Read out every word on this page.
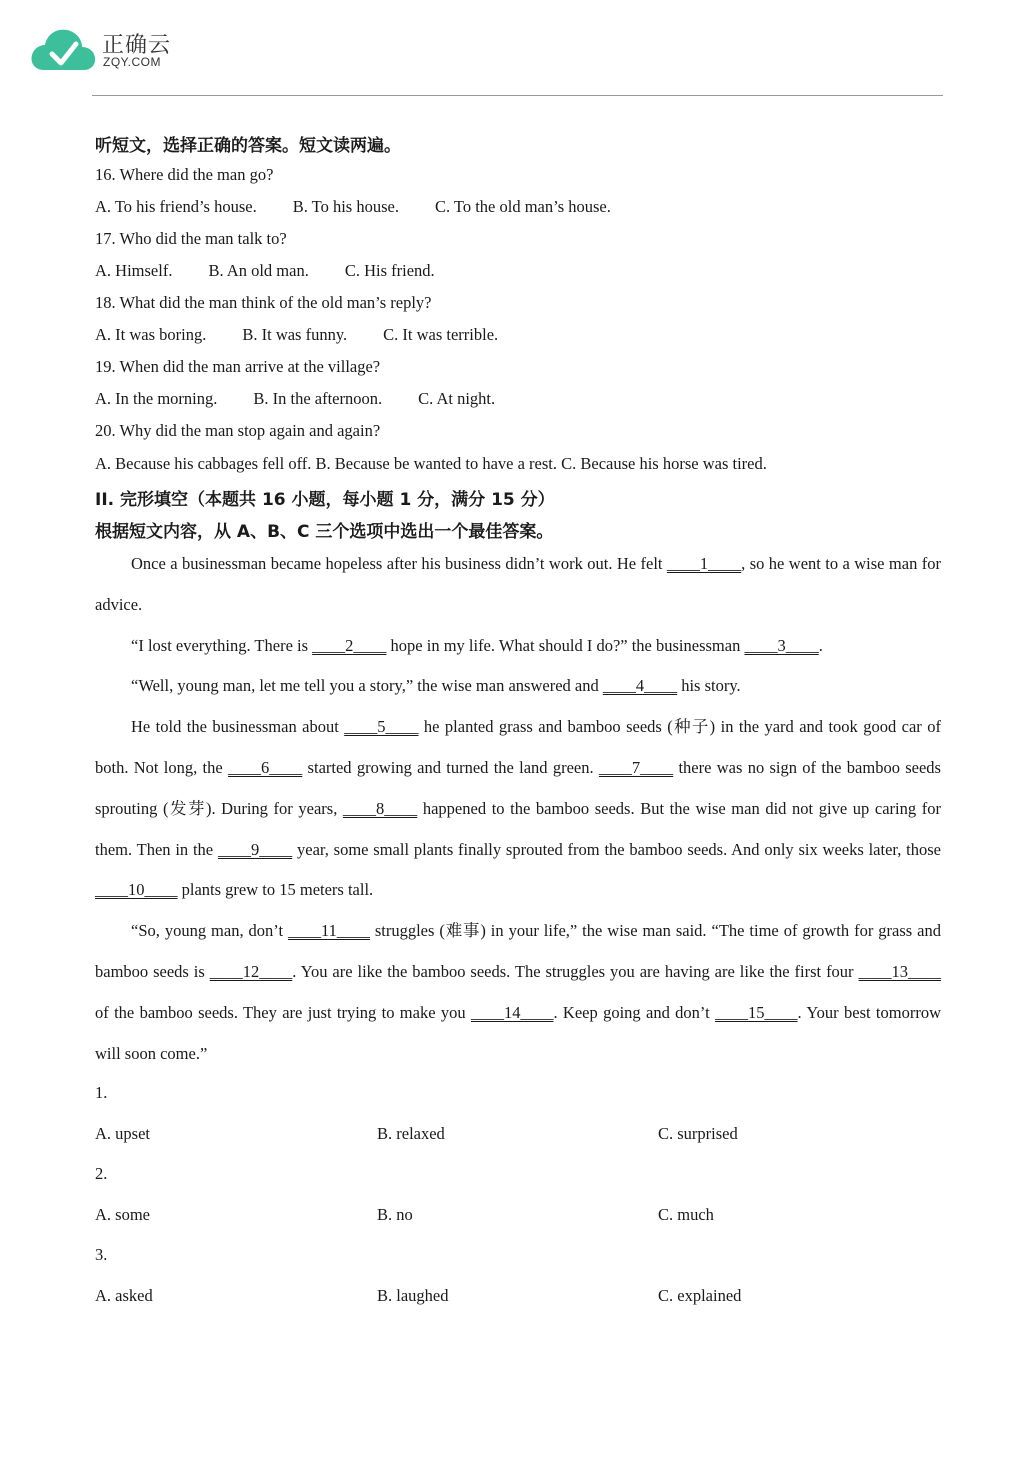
正确云
ZQY.COM
听短文，选择正确的答案。短文读两遍。
16. Where did the man go?
A. To his friend’s house. B. To his house. C. To the old man’s house.
17. Who did the man talk to?
A. Himself. B. An old man. C. His friend.
18. What did the man think of the old man’s reply?
A. It was boring. B. It was funny. C. It was terrible.
19. When did the man arrive at the village?
A. In the morning. B. In the afternoon. C. At night.
20. Why did the man stop again and again?
A. Because his cabbages fell off. B. Because be wanted to have a rest. C. Because his horse was tired.
II. 完形填空（本题共 16 小题，每小题 1 分，满分 15 分）
根据短文内容，从 A、B、C 三个选项中选出一个最佳答案。

Once a businessman became hopeless after his business didn’t work out. He felt ____1____, so he went to a wise man for advice.

“I lost everything. There is ____2____ hope in my life. What should I do?” the businessman ____3____.

“Well, young man, let me tell you a story,” the wise man answered and ____4____ his story.

He told the businessman about ____5____ he planted grass and bamboo seeds (种子) in the yard and took good car of both. Not long, the ____6____ started growing and turned the land green. ____7____ there was no sign of the bamboo seeds sprouting (发芽). During for years, ____8____ happened to the bamboo seeds. But the wise man did not give up caring for them. Then in the ____9____ year, some small plants finally sprouted from the bamboo seeds. And only six weeks later, those ____10____ plants grew to 15 meters tall.

“So, young man, don’t ____11____ struggles (难事) in your life,” the wise man said. “The time of growth for grass and bamboo seeds is ____12____. You are like the bamboo seeds. The struggles you are having are like the first four ____13____ of the bamboo seeds. They are just trying to make you ____14____. Keep going and don’t ____15____. Your best tomorrow will soon come.”

1.
A. upset	B. relaxed	C. surprised
2.
A. some	B. no	C. much
3.
A. asked	B. laughed	C. explained
